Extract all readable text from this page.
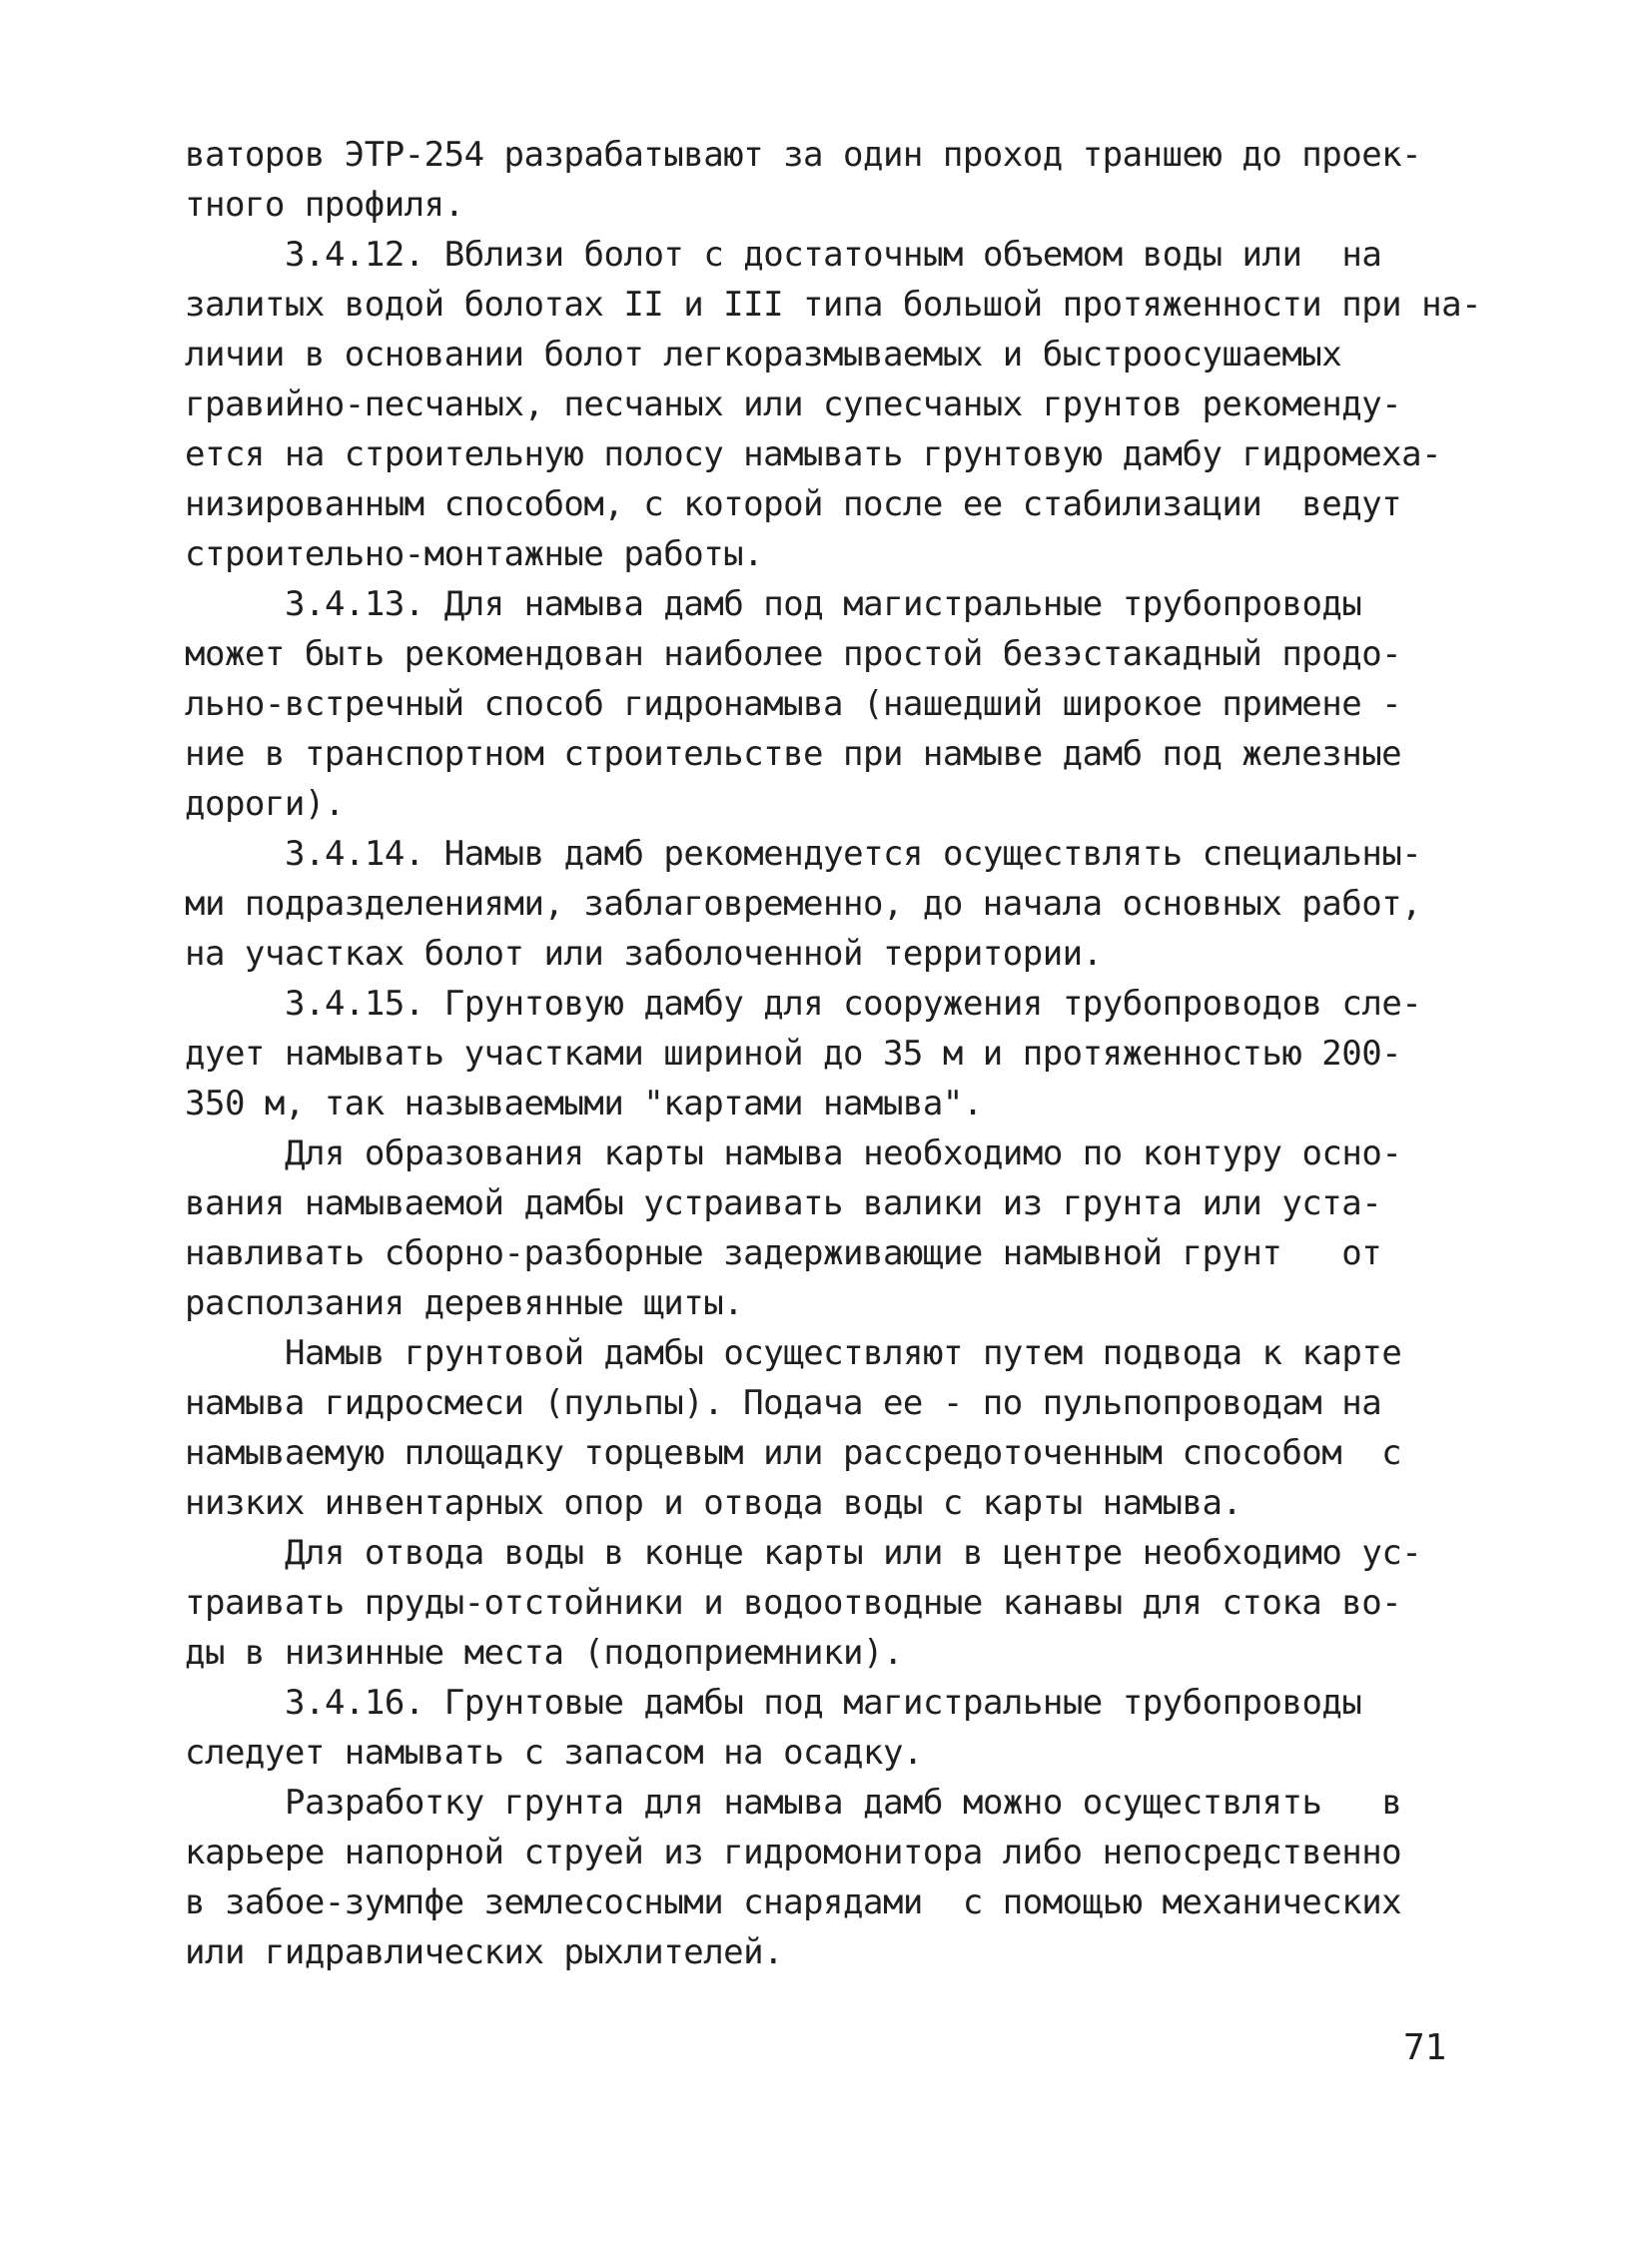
ваторов ЭТР-254 разрабатывают за один проход траншею до проек-
тного профиля.
3.4.12. Вблизи болот с достаточным объемом воды или  на
залитых водой болотах II и III типа большой протяженности при на-
личии в основании болот легкоразмываемых и быстроосушаемых
гравийно-песчаных, песчаных или супесчаных грунтов рекоменду-
ется на строительную полосу намывать грунтовую дамбу гидромеха-
низированным способом, с которой после ее стабилизации  ведут
строительно-монтажные работы.
3.4.13. Для намыва дамб под магистральные трубопроводы
может быть рекомендован наиболее простой безэстакадный продо-
льно-встречный способ гидронамыва (нашедший широкое примене -
ние в транспортном строительстве при намыве дамб под железные
дороги).
3.4.14. Намыв дамб рекомендуется осуществлять специальны-
ми подразделениями, заблаговременно, до начала основных работ,
на участках болот или заболоченной территории.
3.4.15. Грунтовую дамбу для сооружения трубопроводов сле-
дует намывать участками шириной до 35 м и протяженностью 200-
350 м, так называемыми "картами намыва".
Для образования карты намыва необходимо по контуру осно-
вания намываемой дамбы устраивать валики из грунта или уста-
навливать сборно-разборные задерживающие намывной грунт   от
расползания деревянные щиты.
Намыв грунтовой дамбы осуществляют путем подвода к карте
намыва гидросмеси (пульпы). Подача ее - по пульпопроводам на
намываемую площадку торцевым или рассредоточенным способом  с
низких инвентарных опор и отвода воды с карты намыва.
Для отвода воды в конце карты или в центре необходимо ус-
траивать пруды-отстойники и водоотводные канавы для стока во-
ды в низинные места (подоприемники).
3.4.16. Грунтовые дамбы под магистральные трубопроводы
следует намывать с запасом на осадку.
Разработку грунта для намыва дамб можно осуществлять   в
карьере напорной струей из гидромонитора либо непосредственно
в забое-зумпфе землесосными снарядами  с помощью механических
или гидравлических рыхлителей.
71
